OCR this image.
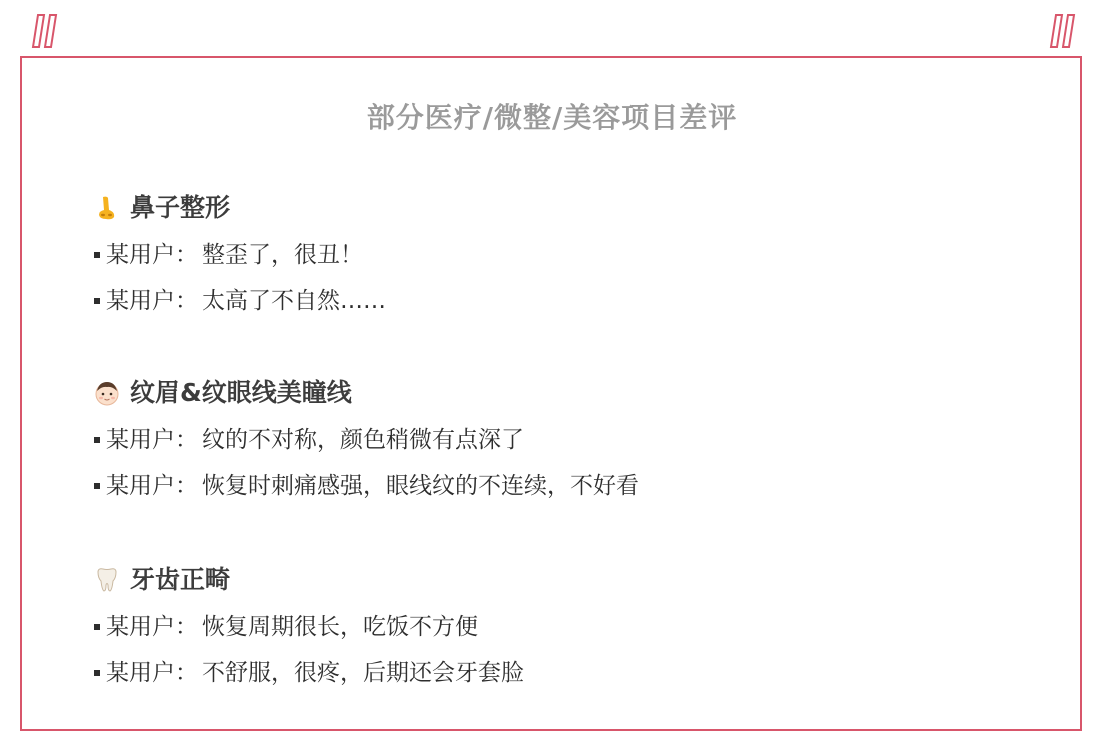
部分医疗/微整/美容项目差评
鼻子整形
某用户： 整歪了，很丑！
某用户： 太高了不自然……
纹眉&纹眼线美瞳线
某用户： 纹的不对称，颜色稍微有点深了
某用户： 恢复时刺痛感强，眼线纹的不连续，不好看
牙齿正畸
某用户： 恢复周期很长，吃饭不方便
某用户： 不舒服，很疼，后期还会牙套脸
